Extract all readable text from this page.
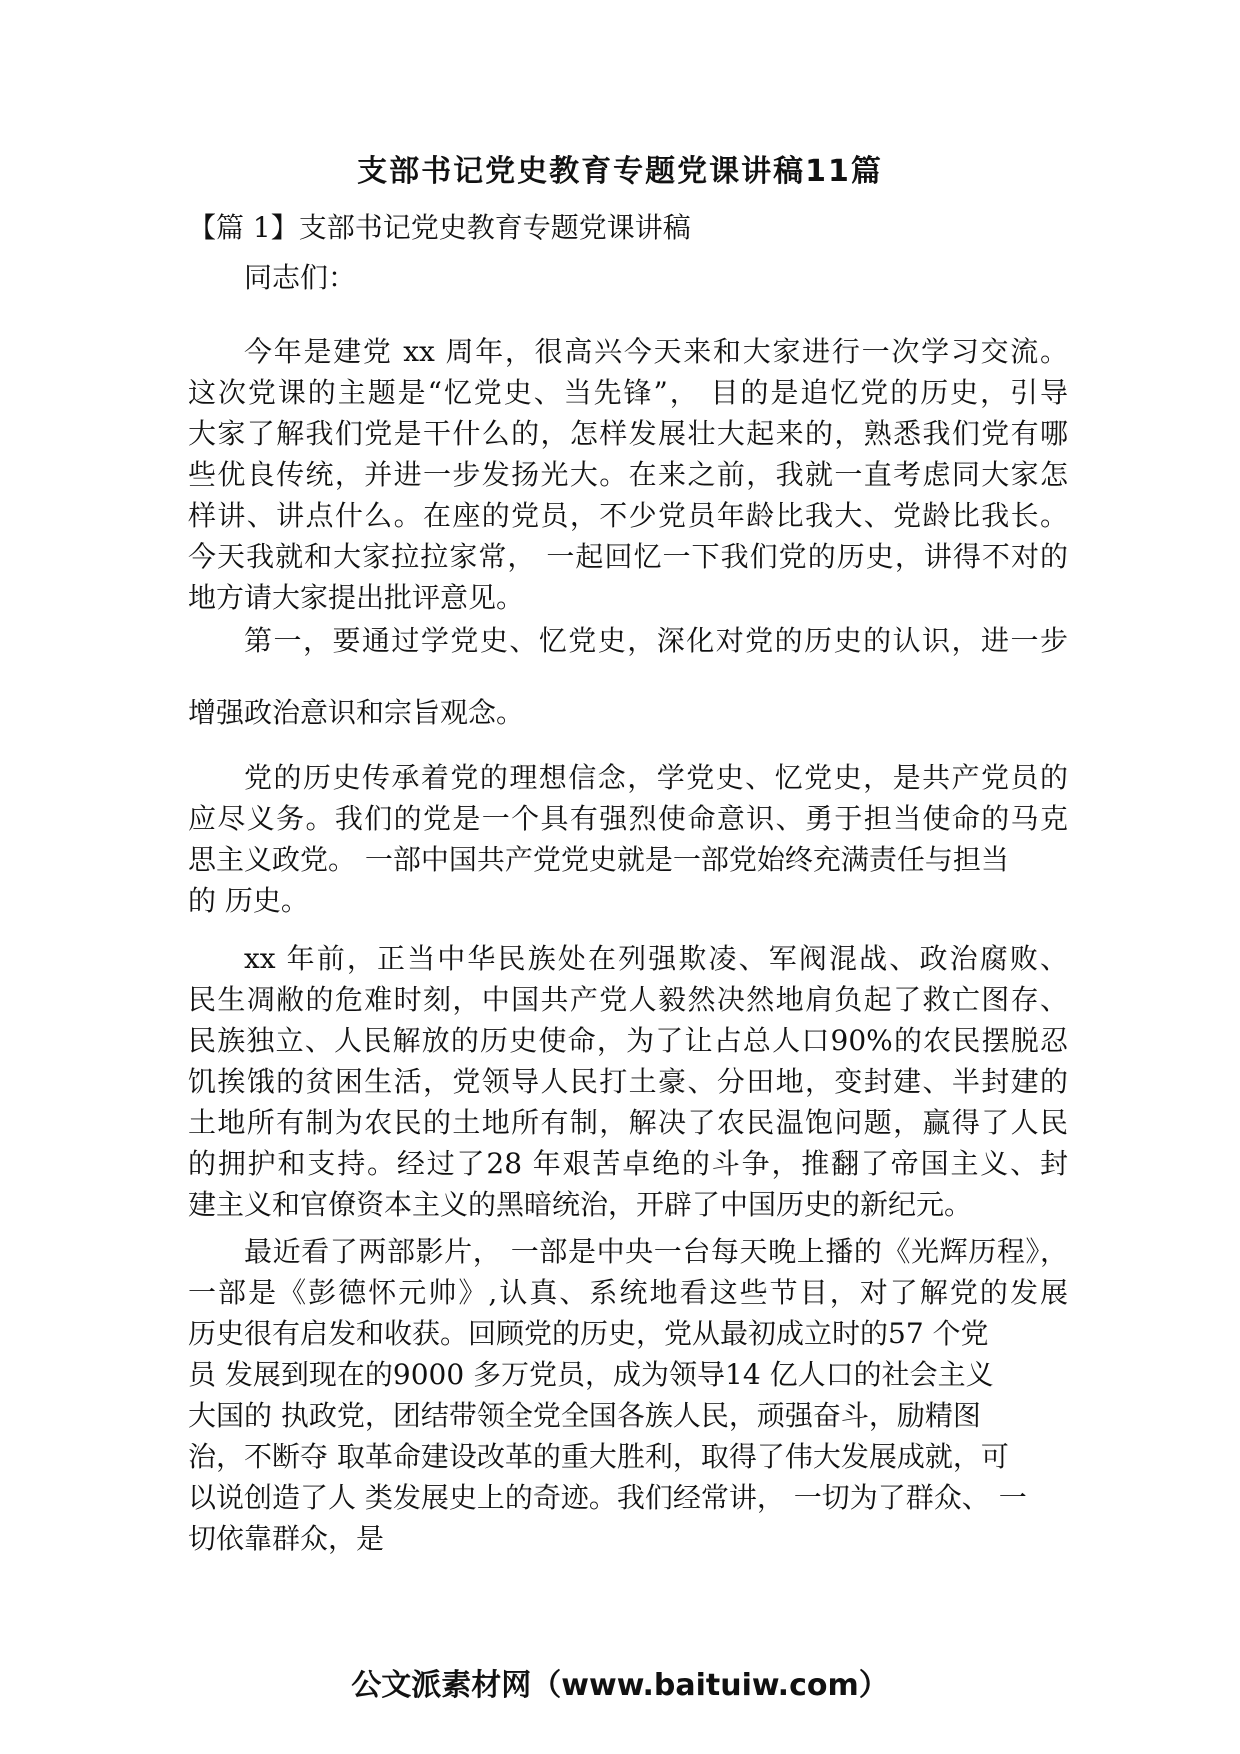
支部书记党史教育专题党课讲稿11篇

【篇 1】支部书记党史教育专题党课讲稿

同志们：

今年是建党 xx 周年，很高兴今天来和大家进行一次学习交流。
这次党课的主题是“忆党史、当先锋”， 目的是追忆党的历史，引导
大家了解我们党是干什么的，怎样发展壮大起来的，熟悉我们党有哪
些优良传统，并进一步发扬光大。在来之前，我就一直考虑同大家怎
样讲、讲点什么。在座的党员，不少党员年龄比我大、党龄比我长。
今天我就和大家拉拉家常， 一起回忆一下我们党的历史，讲得不对的
地方请大家提出批评意见。

第一，要通过学党史、忆党史，深化对党的历史的认识，进一步

增强政治意识和宗旨观念。

党的历史传承着党的理想信念，学党史、忆党史，是共产党员的
应尽义务。我们的党是一个具有强烈使命意识、勇于担当使命的马克
思主义政党。 一部中国共产党党史就是一部党始终充满责任与担当
的 历史。

xx 年前，正当中华民族处在列强欺凌、军阀混战、政治腐败、
民生凋敝的危难时刻，中国共产党人毅然决然地肩负起了救亡图存、
民族独立、人民解放的历史使命，为了让占总人口90%的农民摆脱忍
饥挨饿的贫困生活，党领导人民打土豪、分田地，变封建、半封建的
土地所有制为农民的土地所有制，解决了农民温饱问题，赢得了人民
的拥护和支持。经过了28 年艰苦卓绝的斗争，推翻了帝国主义、封
建主义和官僚资本主义的黑暗统治，开辟了中国历史的新纪元。

最近看了两部影片， 一部是中央一台每天晚上播的《光辉历程》，
一部是《彭德怀元帅》,认真、系统地看这些节目，对了解党的发展
历史很有启发和收获。回顾党的历史，党从最初成立时的57 个党
员 发展到现在的9000 多万党员，成为领导14 亿人口的社会主义
大国的 执政党，团结带领全党全国各族人民，顽强奋斗，励精图
治，不断夺 取革命建设改革的重大胜利，取得了伟大发展成就，可
以说创造了人 类发展史上的奇迹。我们经常讲， 一切为了群众、 一
切依靠群众，是

公文派素材网（www.baituiw.com）
